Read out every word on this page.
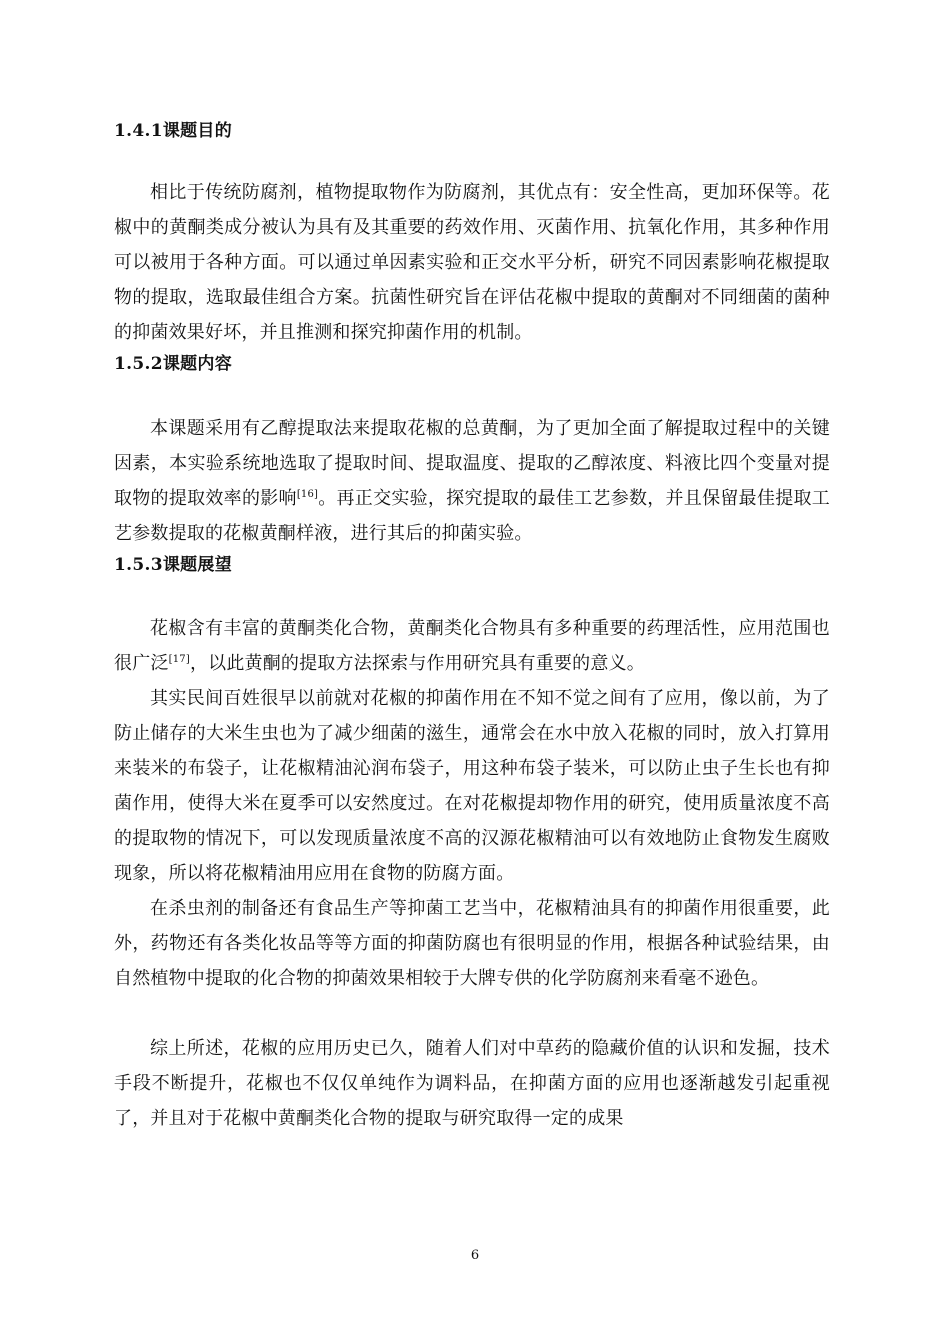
1.4.1课题目的

相比于传统防腐剂，植物提取物作为防腐剂，其优点有：安全性高，更加环保等。花椒中的黄酮类成分被认为具有及其重要的药效作用、灭菌作用、抗氧化作用，其多种作用可以被用于各种方面。可以通过单因素实验和正交水平分析，研究不同因素影响花椒提取物的提取，选取最佳组合方案。抗菌性研究旨在评估花椒中提取的黄酮对不同细菌的菌种的抑菌效果好坏，并且推测和探究抑菌作用的机制。

1.5.2课题内容

本课题采用有乙醇提取法来提取花椒的总黄酮，为了更加全面了解提取过程中的关键因素，本实验系统地选取了提取时间、提取温度、提取的乙醇浓度、料液比四个变量对提取物的提取效率的影响[16]。再正交实验，探究提取的最佳工艺参数，并且保留最佳提取工艺参数提取的花椒黄酮样液，进行其后的抑菌实验。

1.5.3课题展望

花椒含有丰富的黄酮类化合物，黄酮类化合物具有多种重要的药理活性，应用范围也很广泛[17]，以此黄酮的提取方法探索与作用研究具有重要的意义。

其实民间百姓很早以前就对花椒的抑菌作用在不知不觉之间有了应用，像以前，为了防止储存的大米生虫也为了减少细菌的滋生，通常会在水中放入花椒的同时，放入打算用来装米的布袋子，让花椒精油沁润布袋子，用这种布袋子装米，可以防止虫子生长也有抑菌作用，使得大米在夏季可以安然度过。在对花椒提却物作用的研究，使用质量浓度不高的提取物的情况下，可以发现质量浓度不高的汉源花椒精油可以有效地防止食物发生腐败现象，所以将花椒精油用应用在食物的防腐方面。

在杀虫剂的制备还有食品生产等抑菌工艺当中，花椒精油具有的抑菌作用很重要，此外，药物还有各类化妆品等等方面的抑菌防腐也有很明显的作用，根据各种试验结果，由自然植物中提取的化合物的抑菌效果相较于大牌专供的化学防腐剂来看毫不逊色。

综上所述，花椒的应用历史已久，随着人们对中草药的隐藏价值的认识和发掘，技术手段不断提升，花椒也不仅仅单纯作为调料品，在抑菌方面的应用也逐渐越发引起重视了，并且对于花椒中黄酮类化合物的提取与研究取得一定的成果

6
